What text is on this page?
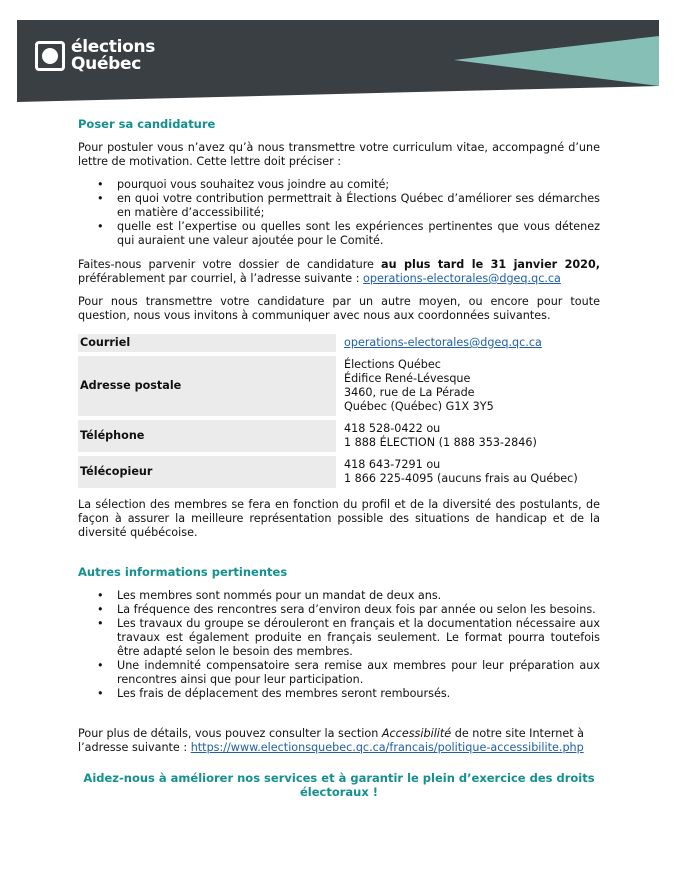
élections
Québec
Poser sa candidature

Pour postuler vous n’avez qu’à nous transmettre votre curriculum vitae, accompagné d’une lettre de motivation. Cette lettre doit préciser :

• pourquoi vous souhaitez vous joindre au comité;
• en quoi votre contribution permettrait à Élections Québec d’améliorer ses démarches en matière d’accessibilité;
• quelle est l’expertise ou quelles sont les expériences pertinentes que vous détenez qui auraient une valeur ajoutée pour le Comité.

Faites-nous parvenir votre dossier de candidature au plus tard le 31 janvier 2020, préférablement par courriel, à l’adresse suivante : operations-electorales@dgeq.qc.ca

Pour nous transmettre votre candidature par un autre moyen, ou encore pour toute question, nous vous invitons à communiquer avec nous aux coordonnées suivantes.

Courriel	operations-electorales@dgeq.qc.ca
Adresse postale	Élections Québec
Édifice René-Lévesque
3460, rue de La Pérade
Québec (Québec) G1X 3Y5

Téléphone	418 528-0422 ou
1 888 ÉLECTION (1 888 353-2846)

Télécopieur	418 643-7291 ou
1 866 225-4095 (aucuns frais au Québec)

La sélection des membres se fera en fonction du profil et de la diversité des postulants, de façon à assurer la meilleure représentation possible des situations de handicap et de la diversité québécoise.

Autres informations pertinentes
• Les membres sont nommés pour un mandat de deux ans.
• La fréquence des rencontres sera d’environ deux fois par année ou selon les besoins.
• Les travaux du groupe se dérouleront en français et la documentation nécessaire aux travaux est également produite en français seulement. Le format pourra toutefois être adapté selon le besoin des membres.
• Une indemnité compensatoire sera remise aux membres pour leur préparation aux rencontres ainsi que pour leur participation.
• Les frais de déplacement des membres seront remboursés.

Pour plus de détails, vous pouvez consulter la section Accessibilité de notre site Internet à l’adresse suivante : https://www.electionsquebec.qc.ca/francais/politique-accessibilite.php

Aidez-nous à améliorer nos services et à garantir le plein d’exercice des droits électoraux !
